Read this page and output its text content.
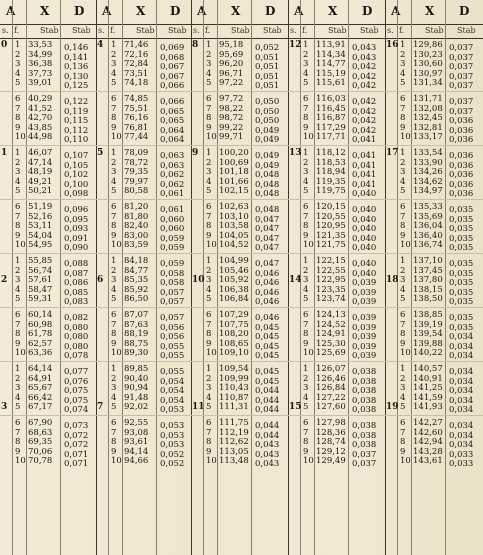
A X D
s. f.	Stab Stab
0
1
2
3
1 33,53 0,146
2 34,99 0,141
3 36,38 0,136
4 37,73 0,130
5 39,01 0,125
6 40,29 0,122
7 41,52 0,119
8 42,70 0,115
9 43,85 0,112
10 44,98 0,110
1 46,07 0,107
2 47,14 0,105
3 48,19 0,102
4 49,21 0,100
5 50,21 0,098
6 51,19 0,096
7 52,16 0,095
8 53,11 0,093
9 54,04 0,091
10 54,95 0,090
1 55,85 0,088
2 56,74 0,087
3 57,61 0,086
4 58,47 0,085
5 59,31 0,083
6 60,14 0,082
7 60,98 0,080
8 61,78 0,080
9 62,57 0,080
10 63,36 0,078
1 64,14 0,077
2 64,91 0,076
3 65,67 0,075
4 66,42 0,075
5 67,17 0,074
6 67,90 0,073
7 68,63 0,072
8 69,35 0,072
9 70,06 0,071
10 70,78 0,071
A X D
s. f.	Stab Stab
4
5
6
7
1 71,46 0,069
2 72,16 0,068
3 72,84 0,067
4 73,51 0,067
5 74,18 0,066
6 74,85 0,066
7 75,51 0,065
8 76,16 0,065
9 76,81 0,064
10 77,44 0,064
1 78,09 0,063
2 78,72 0,063
3 79,35 0,062
4 79,97 0,062
5 80,58 0,061
6 81,20 0,061
7 81,80 0,060
8 82,40 0,060
9 83,00 0,059
10 83,59 0,059
1 84,18 0,059
2 84,77 0,058
3 85,35 0,058
4 85,92 0,057
5 86,50 0,057
6 87,07 0,057
7 87,63 0,056
8 88,19 0,056
9 88,75 0,055
10 89,30 0,055
1 89,85 0,055
2 90,40 0,054
3 90,94 0,054
4 91,48 0,054
5 92,02 0,053
6 92,55 0,053
7 93,08 0,053
8 93,61 0,053
9 94,14 0,052
10 94,66 0,052
A X D
s. f.	Stab Stab
8
9
10
11
1 95,18 0,052
2 95,69 0,051
3 96,20 0,051
4 96,71 0,051
5 97,22 0,051
6 97,72 0,050
7 98,22 0,050
8 98,72 0,050
9 99,22 0,049
10 99,71 0,049
1 100,20 0,049
2 100,69 0,049
3 101,18 0,048
4 101,66 0,048
5 102,15 0,048
6 102,63 0,048
7 103,10 0,047
8 103,58 0,047
9 104,05 0,047
10 104,52 0,047
1 104,99 0,047
2 105,46 0,046
3 105,92 0,046
4 106,38 0,046
5 106,84 0,046
6 107,29 0,046
7 107,75 0,045
8 108,20 0,045
9 108,65 0,045
10 109,10 0,045
1 109,54 0,045
2 109,99 0,045
3 110,43 0,044
4 110,87 0,044
5 111,31 0,044
6 111,75 0,044
7 112,19 0,044
8 112,62 0,043
9 113,05 0,043
10 113,48 0,043
A X D
s. f.	Stab Stab
12
13
14
15
1 113,91 0,043
2 114,34 0,043
3 114,77 0,042
4 115,19 0,042
5 115,61 0,042
6 116,03 0,042
7 116,45 0,042
8 116,87 0,042
9 117,29 0,042
10 117,71 0,041
1 118,12 0,041
2 118,53 0,041
3 118,94 0,041
4 119,35 0,041
5 119,75 0,040
6 120,15 0,040
7 120,55 0,040
8 120,95 0,040
9 121,35 0,040
10 121,75 0,040
1 122,15 0,040
2 122,55 0,040
3 122,95 0,039
4 123,35 0,039
5 123,74 0,039
6 124,13 0,039
7 124,52 0,039
8 124,91 0,039
9 125,30 0,039
10 125,69 0,039
1 126,07 0,038
2 126,46 0,038
3 126,84 0,038
4 127,22 0,038
5 127,60 0,038
6 127,98 0,038
7 128,36 0,038
8 128,74 0,038
9 129,12 0,037
10 129,49 0,037
A X D
s. f.	Stab Stab
16
17
18
19
1 129,86 0,037
2 130,23 0,037
3 130,60 0,037
4 130,97 0,037
5 131,34 0,037
6 131,71 0,037
7 132,08 0,037
8 132,45 0,036
9 132,81 0,036
10 133,17 0,036
1 133,54 0,036
2 133,90 0,036
3 134,26 0,036
4 134,62 0,036
5 134,97 0,036
6 135,33 0,035
7 135,69 0,035
8 136,04 0,035
9 136,40 0,035
10 136,74 0,035
1 137,10 0,035
2 137,45 0,035
3 137,80 0,035
4 138,15 0,035
5 138,50 0,035
6 138,85 0,035
7 139,19 0,035
8 139,54 0,034
9 139,88 0,034
10 140,22 0,034
1 140,57 0,034
2 140,91 0,034
3 141,25 0,034
4 141,59 0,034
5 141,93 0,034
6 142,27 0,034
7 142,60 0,034
8 142,94 0,034
9 143,28 0,033
10 143,61 0,033
